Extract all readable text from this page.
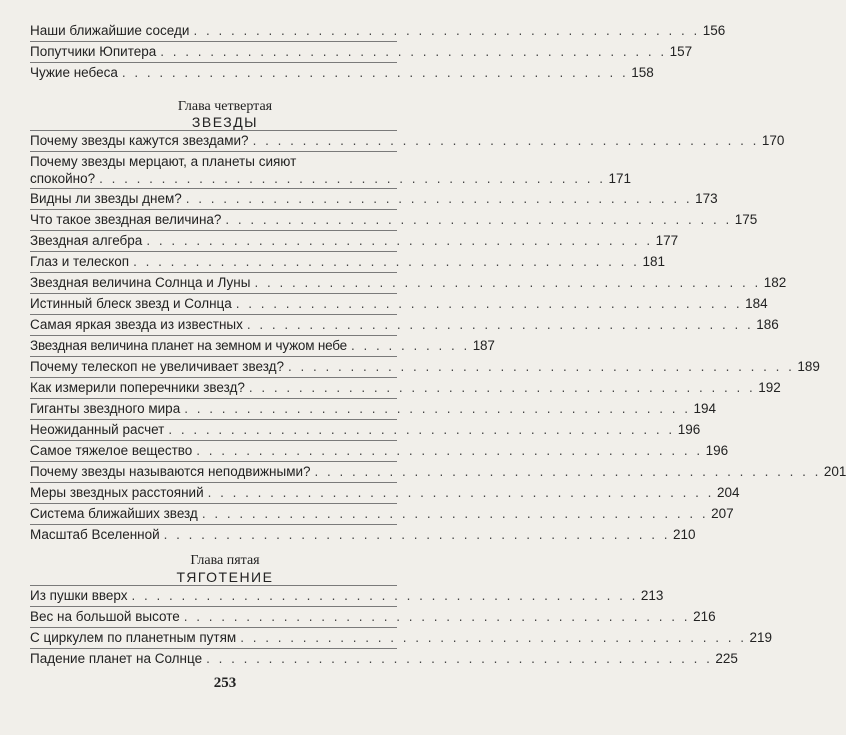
Наши ближайшие соседи . . . . . . . . . . . . . . . . . . . . . . . . . . . . . . . . . . . . . . . . . 156
Попутчики Юпитера . . . . . . . . . . . . . . . . . . . . . . . . . . . . . . . . . . . . . . . . . 157
Чужие небеса . . . . . . . . . . . . . . . . . . . . . . . . . . . . . . . . . . . . . . . . . 158
Глава четвертая
ЗВЕЗДЫ
Почему звезды кажутся звездами? . . . . . . . . . . . . . . . . . . . . . . . . . . . . . . . . . . . . . . . . . 170
Почему звезды мерцают, а планеты сияют
спокойно? . . . . . . . . . . . . . . . . . . . . . . . . . . . . . . . . . . . . . . . . . 171
Видны ли звезды днем? . . . . . . . . . . . . . . . . . . . . . . . . . . . . . . . . . . . . . . . . . 173
Что такое звездная величина? . . . . . . . . . . . . . . . . . . . . . . . . . . . . . . . . . . . . . . . . . 175
Звездная алгебра . . . . . . . . . . . . . . . . . . . . . . . . . . . . . . . . . . . . . . . . . 177
Глаз и телескоп . . . . . . . . . . . . . . . . . . . . . . . . . . . . . . . . . . . . . . . . . 181
Звездная величина Солнца и Луны . . . . . . . . . . . . . . . . . . . . . . . . . . . . . . . . . . . . . . . . . 182
Истинный блеск звезд и Солнца . . . . . . . . . . . . . . . . . . . . . . . . . . . . . . . . . . . . . . . . . 184
Самая яркая звезда из известных . . . . . . . . . . . . . . . . . . . . . . . . . . . . . . . . . . . . . . . . . 186
Звездная величина планет на земном и чужом небе . . . . . . . . . . 187
Почему телескоп не увеличивает звезд? . . . . . . . . . . . . . . . . . . . . . . . . . . . . . . . . . . . . . . . . . 189
Как измерили поперечники звезд? . . . . . . . . . . . . . . . . . . . . . . . . . . . . . . . . . . . . . . . . . 192
Гиганты звездного мира . . . . . . . . . . . . . . . . . . . . . . . . . . . . . . . . . . . . . . . . . 194
Неожиданный расчет . . . . . . . . . . . . . . . . . . . . . . . . . . . . . . . . . . . . . . . . . 196
Самое тяжелое вещество . . . . . . . . . . . . . . . . . . . . . . . . . . . . . . . . . . . . . . . . . 196
Почему звезды называются неподвижными? . . . . . . . . . . . . . . . . . . . . . . . . . . . . . . . . . . . . . . . . . 201
Меры звездных расстояний . . . . . . . . . . . . . . . . . . . . . . . . . . . . . . . . . . . . . . . . . 204
Система ближайших звезд . . . . . . . . . . . . . . . . . . . . . . . . . . . . . . . . . . . . . . . . . 207
Масштаб Вселенной . . . . . . . . . . . . . . . . . . . . . . . . . . . . . . . . . . . . . . . . . 210
Глава пятая
ТЯГОТЕНИЕ
Из пушки вверх . . . . . . . . . . . . . . . . . . . . . . . . . . . . . . . . . . . . . . . . . 213
Вес на большой высоте . . . . . . . . . . . . . . . . . . . . . . . . . . . . . . . . . . . . . . . . . 216
С циркулем по планетным путям . . . . . . . . . . . . . . . . . . . . . . . . . . . . . . . . . . . . . . . . . 219
Падение планет на Солнце . . . . . . . . . . . . . . . . . . . . . . . . . . . . . . . . . . . . . . . . . 225
253
